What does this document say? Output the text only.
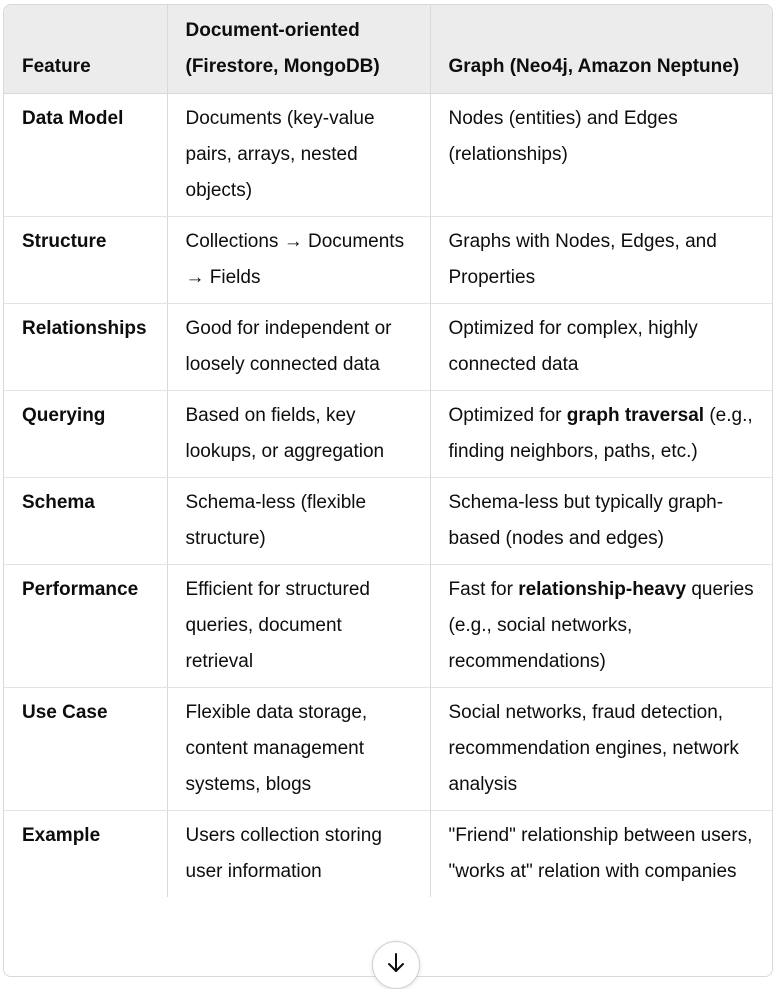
Feature	Document-oriented (Firestore, MongoDB)	Graph (Neo4j, Amazon Neptune)
Data Model	Documents (key-value pairs, arrays, nested objects)	Nodes (entities) and Edges (relationships)
Structure	Collections → Documents → Fields	Graphs with Nodes, Edges, and Properties
Relationships	Good for independent or loosely connected data	Optimized for complex, highly connected data
Querying	Based on fields, key lookups, or aggregation	Optimized for graph traversal (e.g., finding neighbors, paths, etc.)
Schema	Schema-less (flexible structure)	Schema-less but typically graph-based (nodes and edges)
Performance	Efficient for structured queries, document retrieval	Fast for relationship-heavy queries (e.g., social networks, recommendations)
Use Case	Flexible data storage, content management systems, blogs	Social networks, fraud detection, recommendation engines, network analysis
Example	Users collection storing user information	"Friend" relationship between users, "works at" relation with companies
